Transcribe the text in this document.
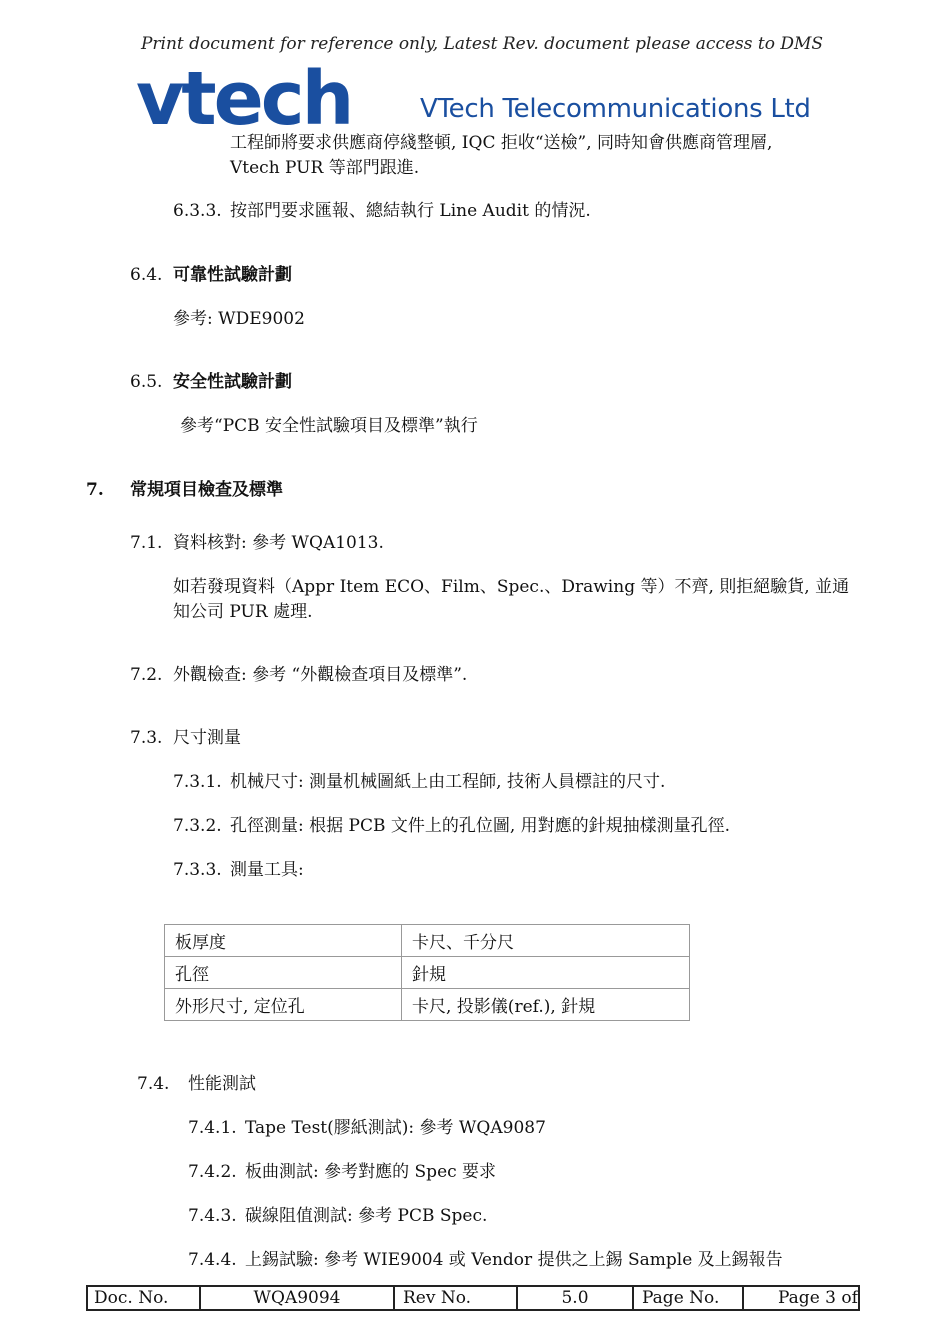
Print document for reference only, Latest Rev. document please access to DMS
vtech	VTech Telecommunications Ltd
工程師將要求供應商停綫整頓, IQC 拒收“送檢”, 同時知會供應商管理層,
Vtech PUR 等部門跟進.
6.3.3. 按部門要求匯報、總結執行 Line Audit 的情況.
6.4. 可靠性試驗計劃
參考: WDE9002
6.5. 安全性試驗計劃
參考“PCB 安全性試驗項目及標準”執行
7. 常規項目檢查及標準
7.1. 資料核對: 參考 WQA1013.
如若發現資料（Appr Item ECO、Film、Spec.、Drawing 等）不齊, 則拒絕驗貨, 並通
知公司 PUR 處理.
7.2. 外觀檢查: 參考 “外觀檢查項目及標準”.
7.3. 尺寸測量
7.3.1. 机械尺寸: 測量机械圖紙上由工程師, 技術人員標註的尺寸.
7.3.2. 孔徑測量: 根据 PCB 文件上的孔位圖, 用對應的針規抽樣測量孔徑.
7.3.3. 測量工具:
板厚度	卡尺、千分尺
孔徑	針規
外形尺寸, 定位孔	卡尺, 投影儀(ref.), 針規
7.4. 性能測試
7.4.1. Tape Test(膠紙測試): 參考 WQA9087
7.4.2. 板曲測試: 參考對應的 Spec 要求
7.4.3. 碳線阻值測試: 參考 PCB Spec.
7.4.4. 上錫試驗: 參考 WIE9004 或 Vendor 提供之上錫 Sample 及上錫報告
Doc. No.	WQA9094	Rev No.	5.0	Page No.	Page 3 of
